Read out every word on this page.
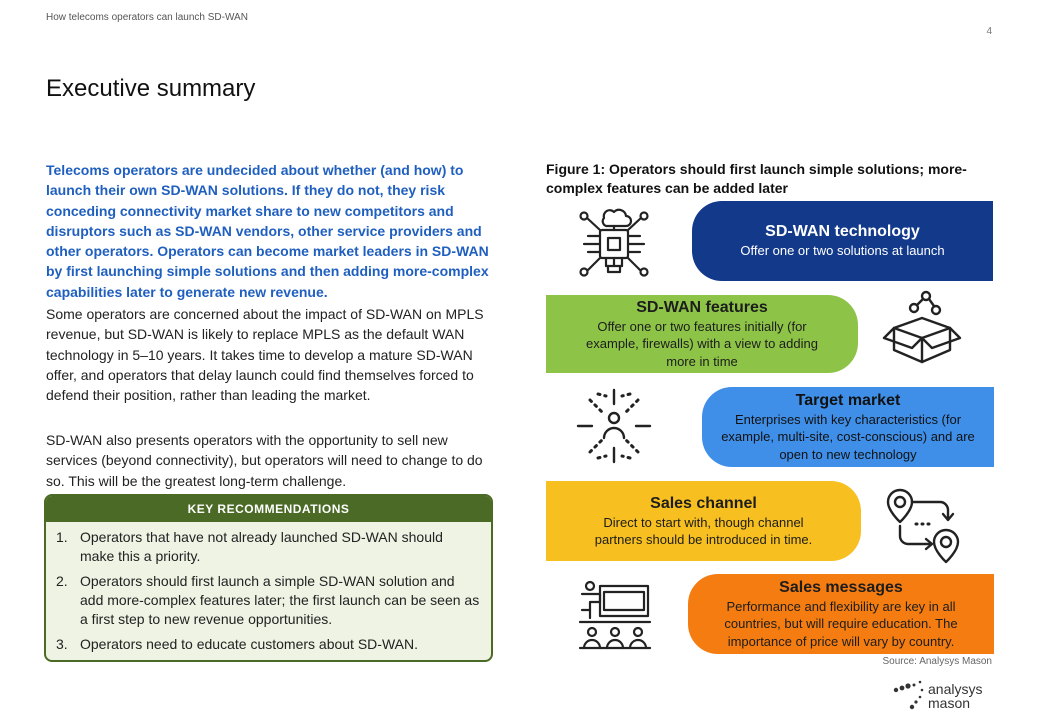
How telecoms operators can launch SD-WAN
4
Executive summary

Telecoms operators are undecided about whether (and how) to launch their own SD-WAN solutions. If they do not, they risk conceding connectivity market share to new competitors and disruptors such as SD-WAN vendors, other service providers and other operators. Operators can become market leaders in SD-WAN by first launching simple solutions and then adding more-complex capabilities later to generate new revenue.

Some operators are concerned about the impact of SD-WAN on MPLS revenue, but SD-WAN is likely to replace MPLS as the default WAN technology in 5–10 years. It takes time to develop a mature SD-WAN offer, and operators that delay launch could find themselves forced to defend their position, rather than leading the market.

SD-WAN also presents operators with the opportunity to sell new services (beyond connectivity), but operators will need to change to do so. This will be the greatest long-term challenge.

KEY RECOMMENDATIONS
1. Operators that have not already launched SD-WAN should make this a priority.
2. Operators should first launch a simple SD-WAN solution and add more-complex features later; the first launch can be seen as a first step to new revenue opportunities.
3. Operators need to educate customers about SD-WAN.
Figure 1: Operators should first launch simple solutions; more-complex features can be added later
SD-WAN technology
Offer one or two solutions at launch
SD-WAN features
Offer one or two features initially (for example, firewalls) with a view to adding more in time
Target market
Enterprises with key characteristics (for example, multi-site, cost-conscious) and are open to new technology
Sales channel
Direct to start with, though channel partners should be introduced in time.
Sales messages
Performance and flexibility are key in all countries, but will require education. The importance of price will vary by country.
Source: Analysys Mason
analysys
mason
